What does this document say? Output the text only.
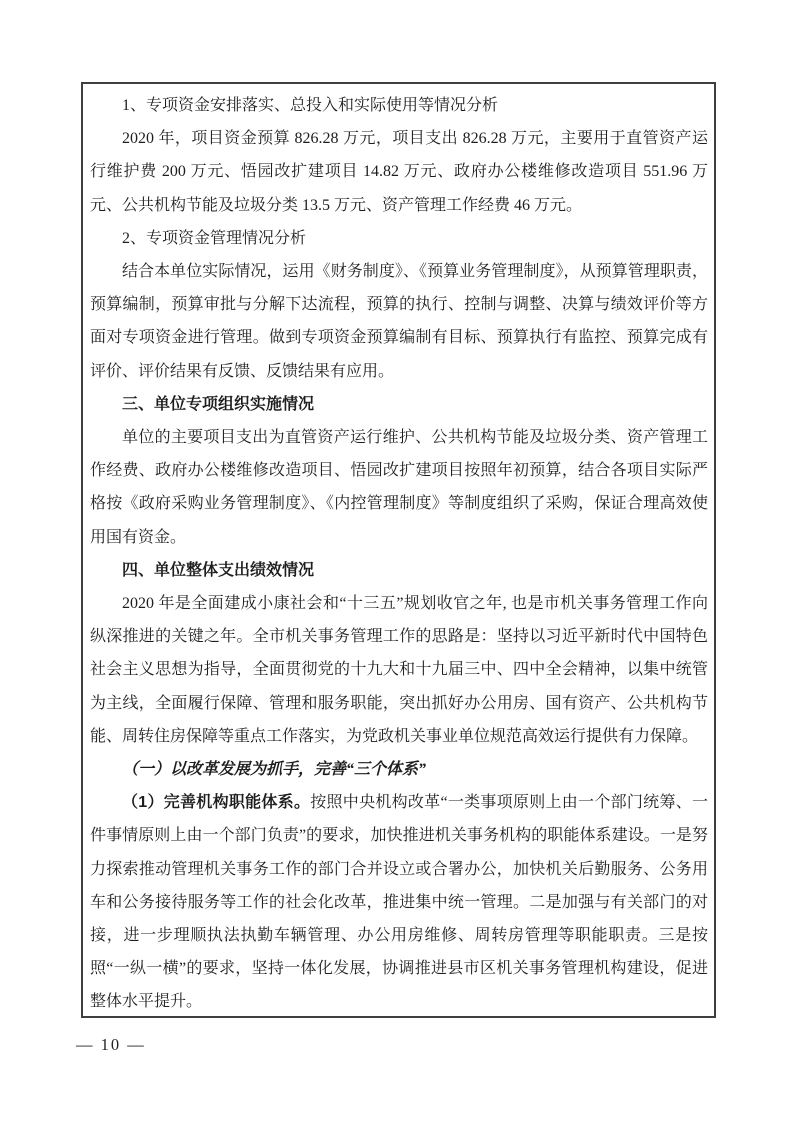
1、专项资金安排落实、总投入和实际使用等情况分析

2020 年，项目资金预算 826.28 万元，项目支出 826.28 万元，主要用于直管资产运行维护费 200 万元、悟园改扩建项目 14.82 万元、政府办公楼维修改造项目 551.96 万元、公共机构节能及垃圾分类 13.5 万元、资产管理工作经费 46 万元。

2、专项资金管理情况分析

结合本单位实际情况，运用《财务制度》、《预算业务管理制度》，从预算管理职责，预算编制，预算审批与分解下达流程，预算的执行、控制与调整、决算与绩效评价等方面对专项资金进行管理。做到专项资金预算编制有目标、预算执行有监控、预算完成有评价、评价结果有反馈、反馈结果有应用。

三、单位专项组织实施情况

单位的主要项目支出为直管资产运行维护、公共机构节能及垃圾分类、资产管理工作经费、政府办公楼维修改造项目、悟园改扩建项目按照年初预算，结合各项目实际严格按《政府采购业务管理制度》、《内控管理制度》等制度组织了采购，保证合理高效使用国有资金。

四、单位整体支出绩效情况

2020 年是全面建成小康社会和“十三五”规划收官之年, 也是市机关事务管理工作向纵深推进的关键之年。全市机关事务管理工作的思路是：坚持以习近平新时代中国特色社会主义思想为指导，全面贯彻党的十九大和十九届三中、四中全会精神，以集中统管为主线，全面履行保障、管理和服务职能，突出抓好办公用房、国有资产、公共机构节能、周转住房保障等重点工作落实，为党政机关事业单位规范高效运行提供有力保障。

（一）以改革发展为抓手，完善“三个体系”

（1）完善机构职能体系。按照中央机构改革“一类事项原则上由一个部门统筹、一件事情原则上由一个部门负责”的要求，加快推进机关事务机构的职能体系建设。一是努力探索推动管理机关事务工作的部门合并设立或合署办公，加快机关后勤服务、公务用车和公务接待服务等工作的社会化改革，推进集中统一管理。二是加强与有关部门的对接，进一步理顺执法执勤车辆管理、办公用房维修、周转房管理等职能职责。三是按照“一纵一横”的要求，坚持一体化发展，协调推进县市区机关事务管理机构建设，促进整体水平提升。

— 10 —
